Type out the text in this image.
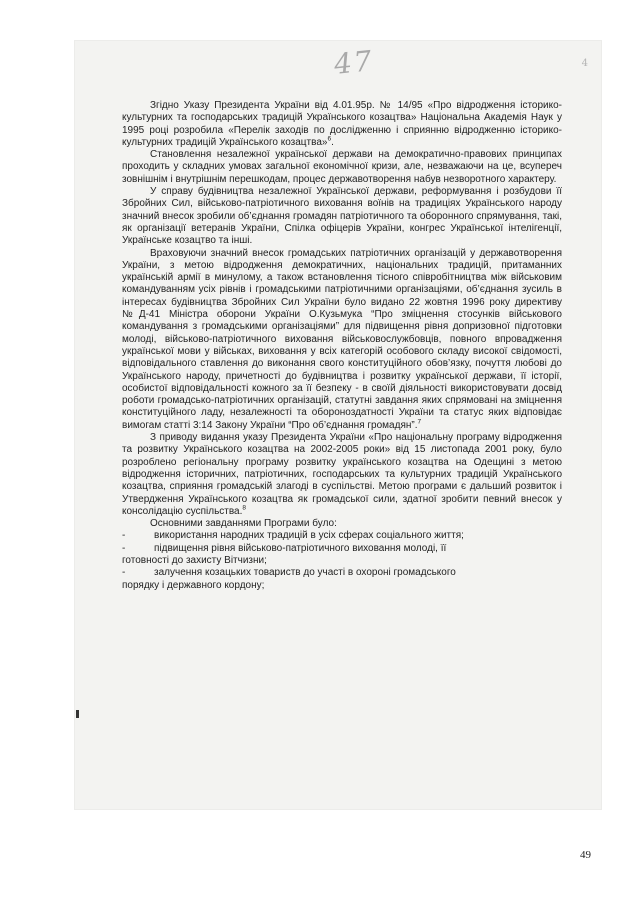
47	4

Згідно Указу Президента України від 4.01.95р. № 14/95 «Про відродження історико-культурних та господарських традицій Українського козацтва» Національна Академія Наук у 1995 році розробила «Перелік заходів по дослідженню і сприянню відродженню історико-культурних традицій Українського козацтва»$^6$.

Становлення незалежної української держави на демократично-правових принципах проходить у складних умовах загальної економічної кризи, але, незважаючи на це, всупереч зовнішнім і внутрішнім перешкодам, процес державотворення набув незворотного характеру.

У справу будівництва незалежної Української держави, реформування і розбудови її Збройних Сил, військово-патріотичного виховання воїнів на традиціях Українського народу значний внесок зробили об’єднання громадян патріотичного та оборонного спрямування, такі, як організації ветеранів України, Спілка офіцерів України, конгрес Української інтелігенції, Українське козацтво та інші.

Враховуючи значний внесок громадських патріотичних організацій у державотворення України, з метою відродження демократичних, національних традицій, притаманних українській армії в минулому, а також встановлення тісного співробітництва між військовим командуванням усіх рівнів і громадськими патріотичними організаціями, об’єднання зусиль в інтересах будівництва Збройних Сил України було видано 22 жовтня 1996 року директиву №Д-41 Міністра оборони України О.Кузьмука “Про зміцнення стосунків військового командування з громадськими організаціями” для підвищення рівня допризовної підготовки молоді, військово-патріотичного виховання військовослужбовців, повного впровадження української мови у військах, виховання у всіх категорій особового складу високої свідомості, відповідального ставлення до виконання свого конституційного обов’язку, почуття любові до Українського народу, причетності до будівництва і розвитку української держави, її історії, особистої відповідальності кожного за її безпеку - в своїй діяльності використовувати досвід роботи громадсько-патріотичних організацій, статутні завдання яких спрямовані на зміцнення конституційного ладу, незалежності та обороноздатності України та статус яких відповідає вимогам статті 3:14 Закону України “Про об’єднання громадян”.$^7$

З приводу видання указу Президента України «Про національну програму відродження та розвитку Українського козацтва на 2002-2005 роки» від 15 листопада 2001 року, було розроблено регіональну програму розвитку українського козацтва на Одещині з метою відродження історичних, патріотичних, господарських та культурних традицій Українського козацтва, сприяння громадській злагоді в суспільстві. Метою програми є дальший розвиток і Утвердження Українського козацтва як громадської сили, здатної зробити певний внесок у консолідацію суспільства.$^8$

Основними завданнями Програми було:

-	використання народних традицій в усіх сферах соціального життя;
-	підвищення рівня військово-патріотичного виховання молоді, її

готовності до захисту Вітчизни;

-	залучення козацьких товариств до участі в охороні громадського

порядку і державного кордону;

49
